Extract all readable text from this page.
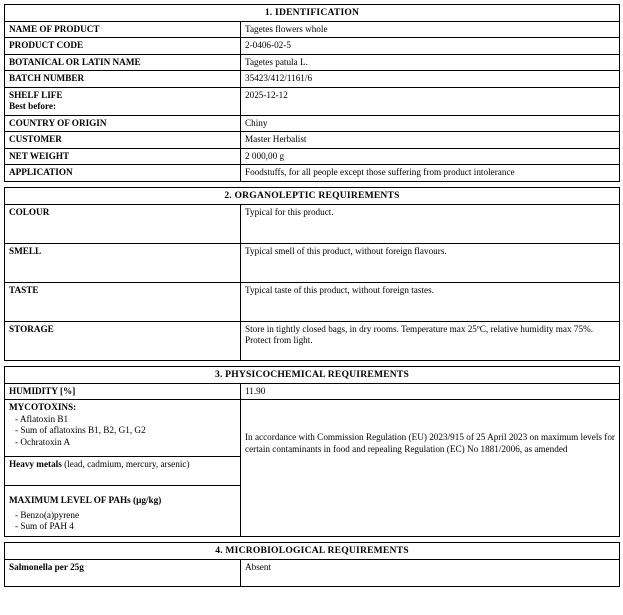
1. IDENTIFICATION	
NAME OF PRODUCT	Tagetes flowers whole
PRODUCT CODE	2-0406-02-5
BOTANICAL OR LATIN NAME	Tagetes patula L.
BATCH NUMBER	35423/412/1161/6

SHELF LIFE
Best before:	2025-12-12
COUNTRY OF ORIGIN	Chiny
CUSTOMER	Master Herbalist
NET WEIGHT	2 000,00 g
APPLICATION	Foodstuffs, for all people except those suffering from product intolerance
2. ORGANOLEPTIC REQUIREMENTS	
COLOUR	Typical for this product.
SMELL	Typical smell of this product, without foreign flavours.
TASTE	Typical taste of this product, without foreign tastes.
STORAGE	Store in tightly closed bags, in dry rooms. Temperature max 25ºC, relative humidity max 75%. Protect from light.
3. PHYSICOCHEMICAL REQUIREMENTS	
HUMIDITY [%]	11.90

MYCOTOXINS:
- Aflatoxin B1
- Sum of aflatoxins B1, B2, G1, G2
- Ochratoxin A	In accordance with Commission Regulation (EU) 2023/915 of 25 April 2023 on maximum levels for certain contaminants in food and repealing Regulation (EC) No 1881/2006, as amended

Heavy metals (lead, cadmium, mercury, arsenic)	

MAXIMUM LEVEL OF PAHs (µg/kg)
- Benzo(a)pyrene
- Sum of PAH 4	
4. MICROBIOLOGICAL REQUIREMENTS
Salmonella per 25g	Absent
